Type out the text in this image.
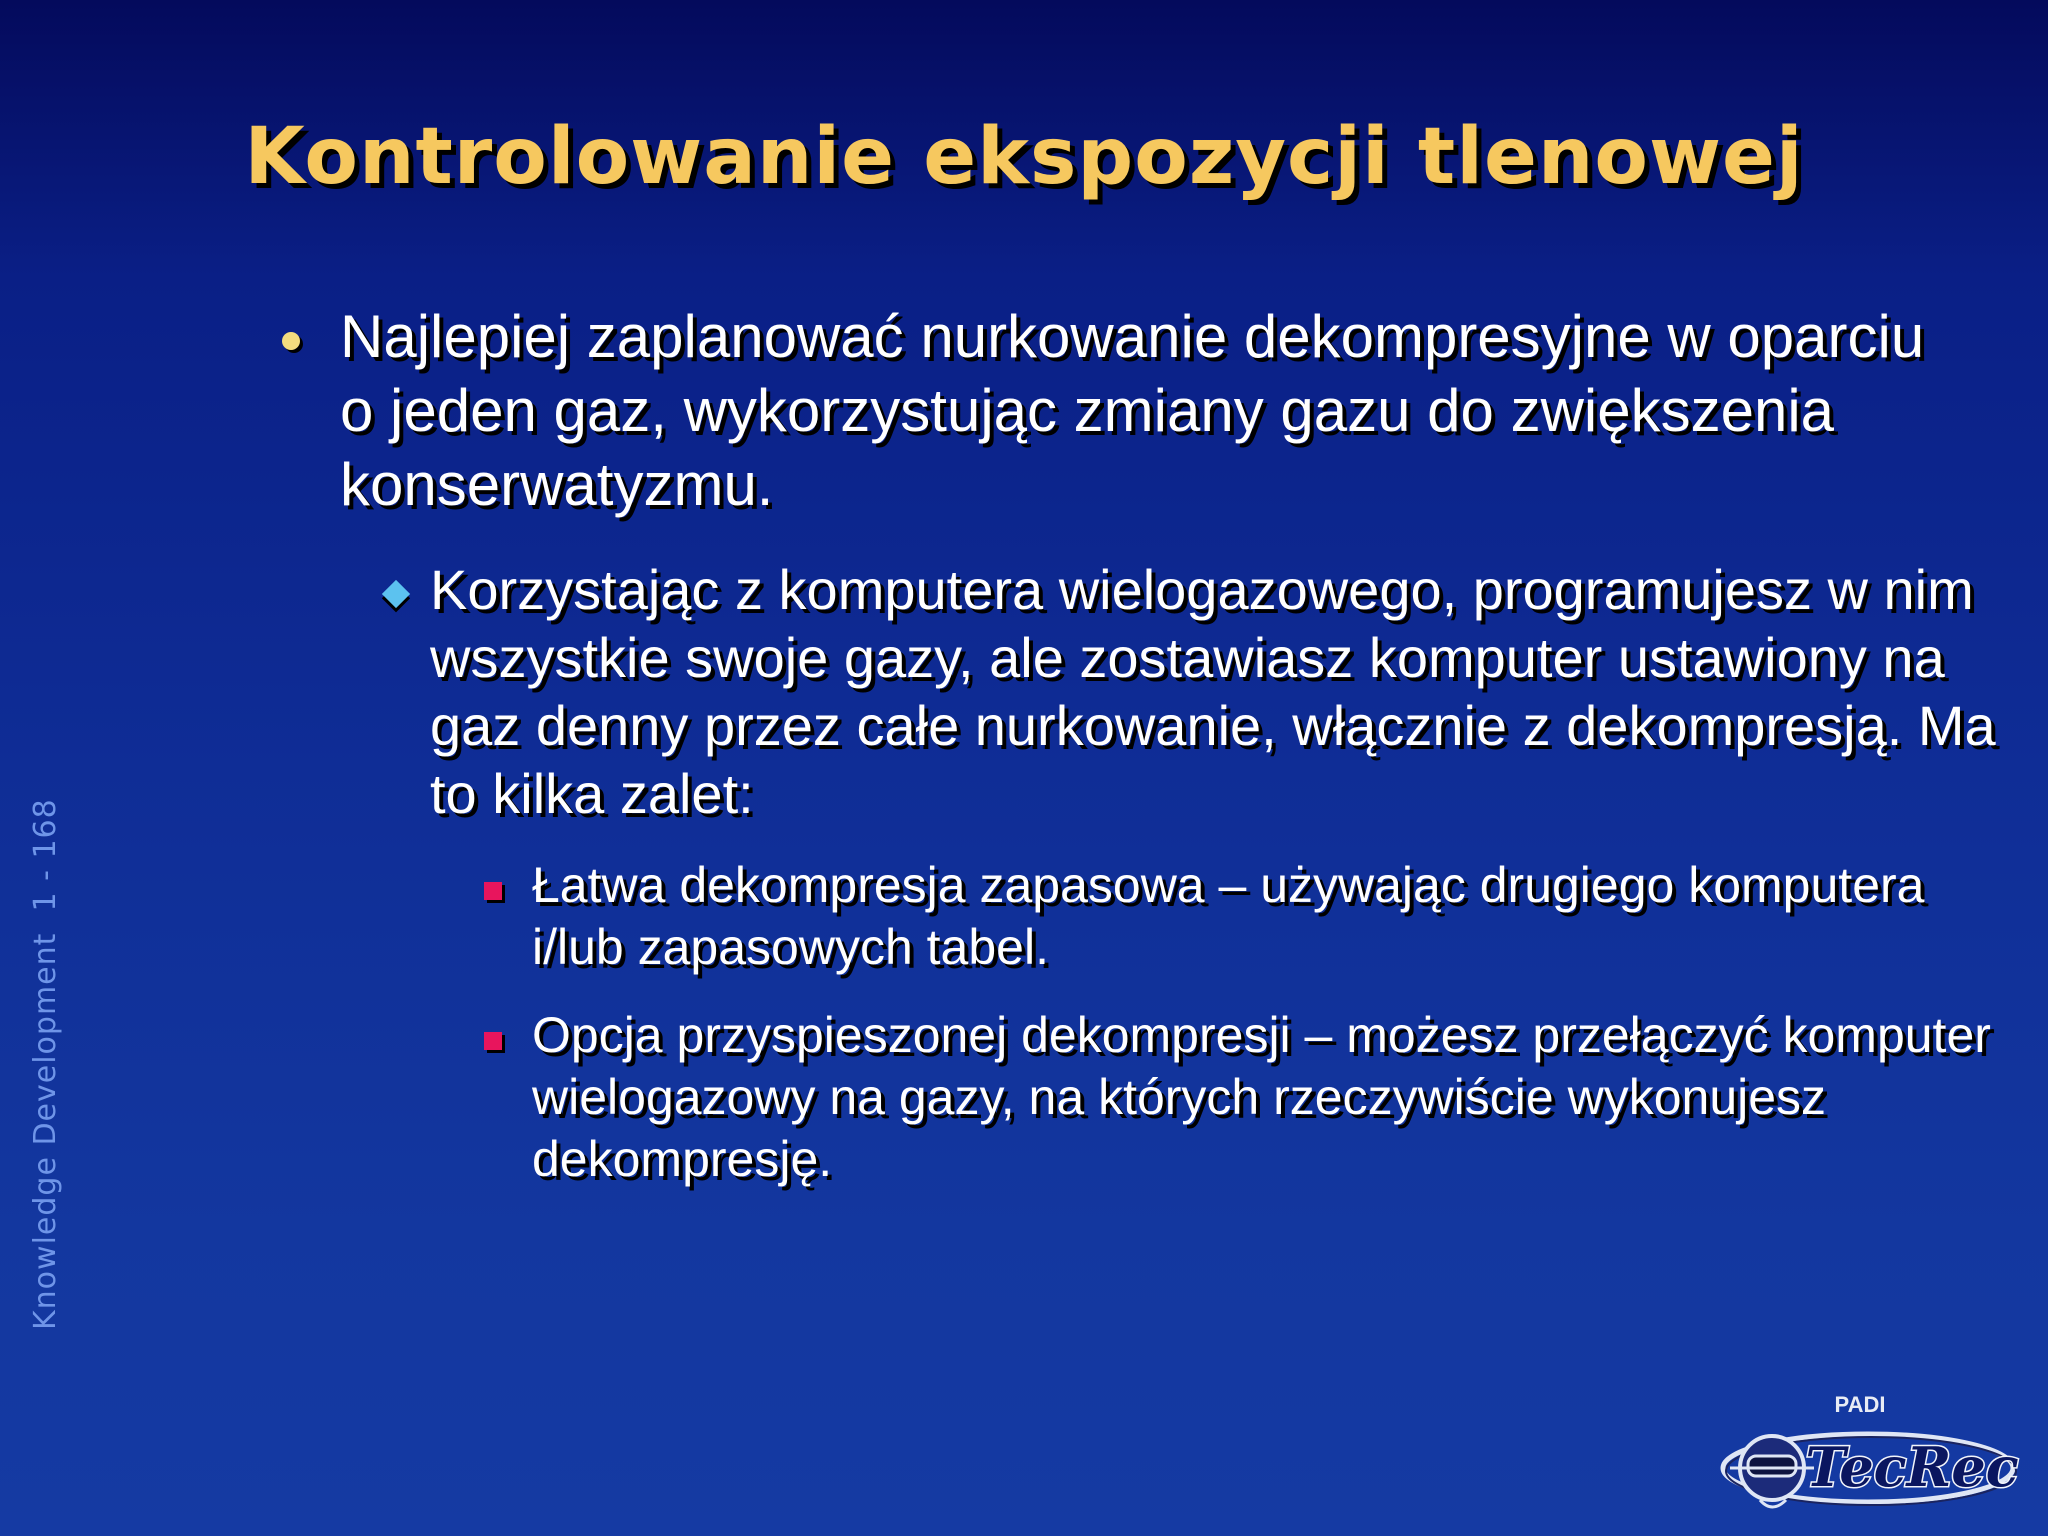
Kontrolowanie ekspozycji tlenowej
Knowledge Development  1 - 168
Najlepiej zaplanować nurkowanie dekompresyjne w oparciu o jeden gaz, wykorzystując zmiany gazu do zwiększenia konserwatyzmu.
Korzystając z komputera wielogazowego, programujesz w nim wszystkie swoje gazy, ale zostawiasz komputer ustawiony na gaz denny przez całe nurkowanie, włącznie z dekompresją. Ma to kilka zalet:
Łatwa dekompresja zapasowa – używając drugiego komputera i/lub zapasowych tabel.
Opcja przyspieszonej dekompresji – możesz przełączyć komputer wielogazowy na gazy, na których rzeczywiście wykonujesz dekompresję.
PADI
TecRec
